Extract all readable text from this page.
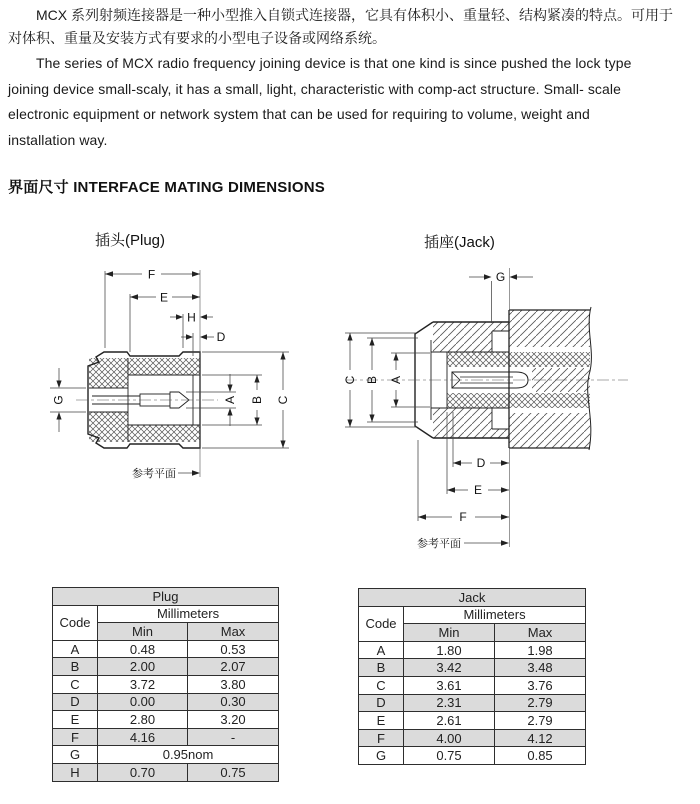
MCX 系列射频连接器是一种小型推入自锁式连接器，它具有体积小、重量轻、结构紧凑的特点。可用于
对体积、重量及安装方式有要求的小型电子设备或网络系统。

The series of MCX radio frequency joining device is that one kind is since pushed the lock type
joining device small-scaly, it has a small, light, characteristic with comp-act structure. Small- scale
electronic equipment or network system that can be used for requiring to volume, weight and
installation way.

界面尺寸 INTERFACE MATING DIMENSIONS
插头(Plug)	插座(Jack)
F
E
H
D
G	A B C
参考平面
G
C B A
D
E
F
参考平面
Plug		
Code	Millimeters	
	Min	Max
A	0.48	0.53
B	2.00	2.07
C	3.72	3.80
D	0.00	0.30
E	2.80	3.20
F	4.16	-
G	0.95nom	
H	0.70	0.75
Jack		
Code	Millimeters	
	Min	Max
A	1.80	1.98
B	3.42	3.48
C	3.61	3.76
D	2.31	2.79
E	2.61	2.79
F	4.00	4.12
G	0.75	0.85
